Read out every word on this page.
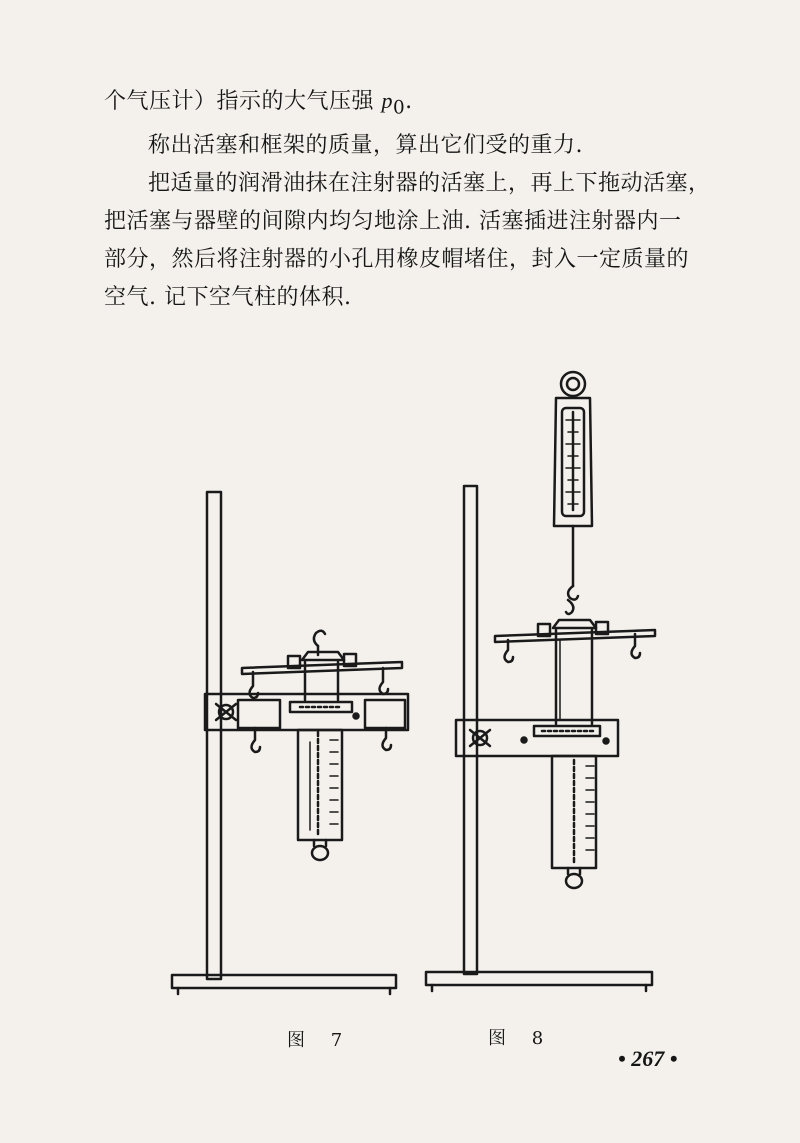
个气压计）指示的大气压强 $p_0$.

称出活塞和框架的质量，算出它们受的重力.

把适量的润滑油抹在注射器的活塞上，再上下拖动活塞，

把活塞与器壁的间隙内均匀地涂上油. 活塞插进注射器内一

部分，然后将注射器的小孔用橡皮帽堵住，封入一定质量的

空气. 记下空气柱的体积.

图 7	图 8
• 267 •
